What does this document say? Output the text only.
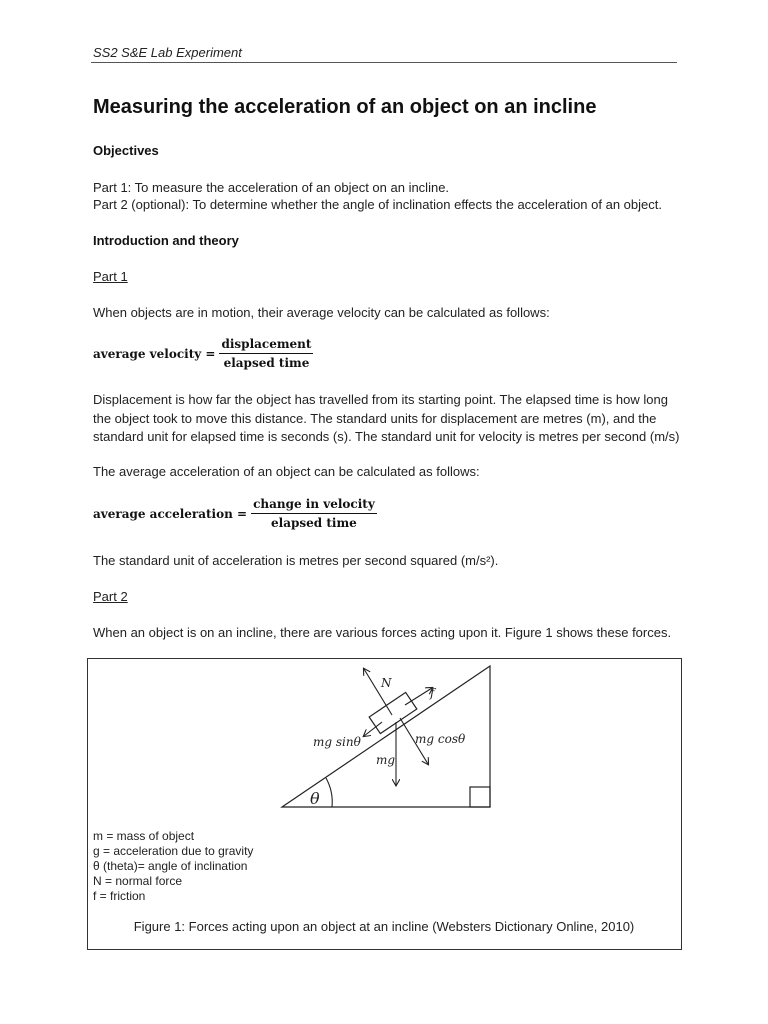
SS2 S&E Lab Experiment
Measuring the acceleration of an object on an incline
Objectives
Part 1: To measure the acceleration of an object on an incline.
Part 2 (optional): To determine whether the angle of inclination effects the acceleration of an object.
Introduction and theory
Part 1
When objects are in motion, their average velocity can be calculated as follows:
average velocity = $\frac{\text{displacement}}{\text{elapsed time}}$
Displacement is how far the object has travelled from its starting point. The elapsed time is how long
the object took to move this distance. The standard units for displacement are metres (m), and the
standard unit for elapsed time is seconds (s). The standard unit for velocity is metres per second (m/s)
The average acceleration of an object can be calculated as follows:
average acceleration = $\frac{\text{change in velocity}}{\text{elapsed time}}$
The standard unit of acceleration is metres per second squared (m/s²).
Part 2
When an object is on an incline, there are various forces acting upon it. Figure 1 shows these forces.
N
f
mg sinθ	mg cosθ
mg
θ
m = mass of object
g = acceleration due to gravity
θ (theta)= angle of inclination
N = normal force
f = friction
Figure 1: Forces acting upon an object at an incline (Websters Dictionary Online, 2010)
